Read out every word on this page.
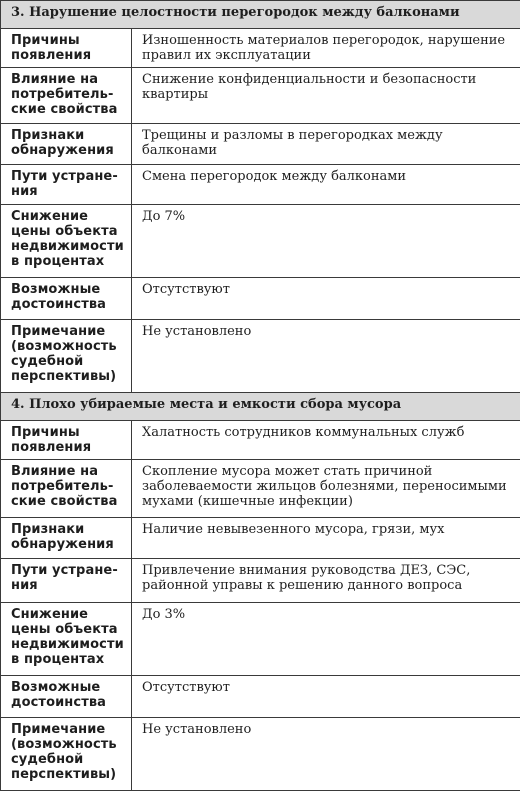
3. Нарушение целостности перегородок между балконами	
Причины появления	Изношенность материалов перегородок, нарушение правил их эксплуатации
Влияние на потребитель-ские свойства	Снижение конфиденциальности и безопасности квартиры
Признаки обнаружения	Трещины и разломы в перегородках между балконами
Пути устране-ния	Смена перегородок между балконами
Снижение цены объекта недвижимости в процентах	До 7%
Возможные достоинства	Отсутствуют
Примечание (возможность судебной перспективы)	Не установлено
4. Плохо убираемые места и емкости сбора мусора	
Причины появления	Халатность сотрудников коммунальных служб
Влияние на потребитель-ские свойства	Скопление мусора может стать причиной заболеваемости жильцов болезнями, переносимыми мухами (кишечные инфекции)
Признаки обнаружения	Наличие невывезенного мусора, грязи, мух
Пути устране-ния	Привлечение внимания руководства ДЕЗ, СЭС, районной управы к решению данного вопроса
Снижение цены объекта недвижимости в процентах	До 3%
Возможные достоинства	Отсутствуют
Примечание (возможность судебной перспективы)	Не установлено
